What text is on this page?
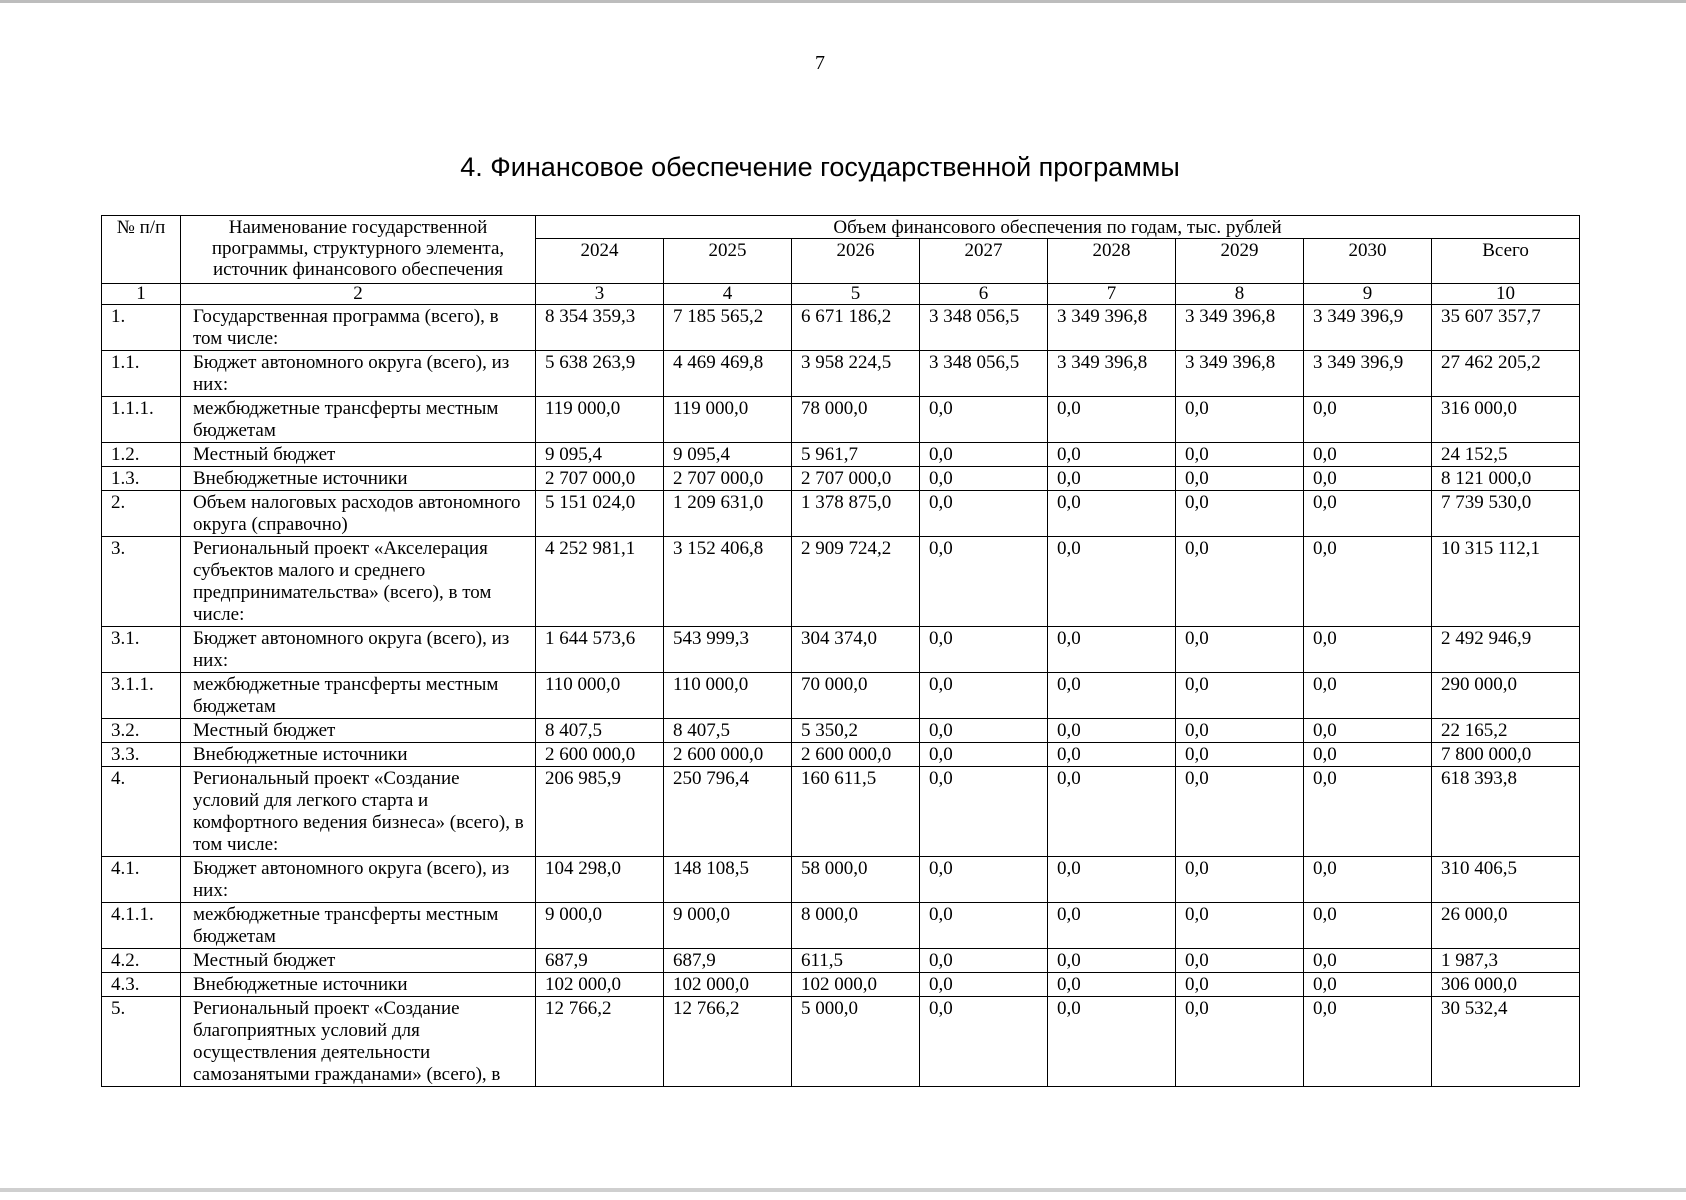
7
4. Финансовое обеспечение государственной программы
№ п/п	Наименование государственной программы, структурного элемента, источник финансового обеспечения	Объем финансового обеспечения по годам, тыс. рублей							
		2024	2025	2026	2027	2028	2029	2030	Всего
1	2	3	4	5	6	7	8	9	10
1.	Государственная программа (всего), в том числе:	8 354 359,3	7 185 565,2	6 671 186,2	3 348 056,5	3 349 396,8	3 349 396,8	3 349 396,9	35 607 357,7
1.1.	Бюджет автономного округа (всего), из них:	5 638 263,9	4 469 469,8	3 958 224,5	3 348 056,5	3 349 396,8	3 349 396,8	3 349 396,9	27 462 205,2
1.1.1.	межбюджетные трансферты местным бюджетам	119 000,0	119 000,0	78 000,0	0,0	0,0	0,0	0,0	316 000,0
1.2.	Местный бюджет	9 095,4	9 095,4	5 961,7	0,0	0,0	0,0	0,0	24 152,5
1.3.	Внебюджетные источники	2 707 000,0	2 707 000,0	2 707 000,0	0,0	0,0	0,0	0,0	8 121 000,0
2.	Объем налоговых расходов автономного округа (справочно)	5 151 024,0	1 209 631,0	1 378 875,0	0,0	0,0	0,0	0,0	7 739 530,0
3.	Региональный проект «Акселерация субъектов малого и среднего предпринимательства» (всего), в том числе:	4 252 981,1	3 152 406,8	2 909 724,2	0,0	0,0	0,0	0,0	10 315 112,1
3.1.	Бюджет автономного округа (всего), из них:	1 644 573,6	543 999,3	304 374,0	0,0	0,0	0,0	0,0	2 492 946,9
3.1.1.	межбюджетные трансферты местным бюджетам	110 000,0	110 000,0	70 000,0	0,0	0,0	0,0	0,0	290 000,0
3.2.	Местный бюджет	8 407,5	8 407,5	5 350,2	0,0	0,0	0,0	0,0	22 165,2
3.3.	Внебюджетные источники	2 600 000,0	2 600 000,0	2 600 000,0	0,0	0,0	0,0	0,0	7 800 000,0
4.	Региональный проект «Создание условий для легкого старта и комфортного ведения бизнеса» (всего), в том числе:	206 985,9	250 796,4	160 611,5	0,0	0,0	0,0	0,0	618 393,8
4.1.	Бюджет автономного округа (всего), из них:	104 298,0	148 108,5	58 000,0	0,0	0,0	0,0	0,0	310 406,5
4.1.1.	межбюджетные трансферты местным бюджетам	9 000,0	9 000,0	8 000,0	0,0	0,0	0,0	0,0	26 000,0
4.2.	Местный бюджет	687,9	687,9	611,5	0,0	0,0	0,0	0,0	1 987,3
4.3.	Внебюджетные источники	102 000,0	102 000,0	102 000,0	0,0	0,0	0,0	0,0	306 000,0
5.	Региональный проект «Создание благоприятных условий для осуществления деятельности самозанятыми гражданами» (всего), в	12 766,2	12 766,2	5 000,0	0,0	0,0	0,0	0,0	30 532,4
